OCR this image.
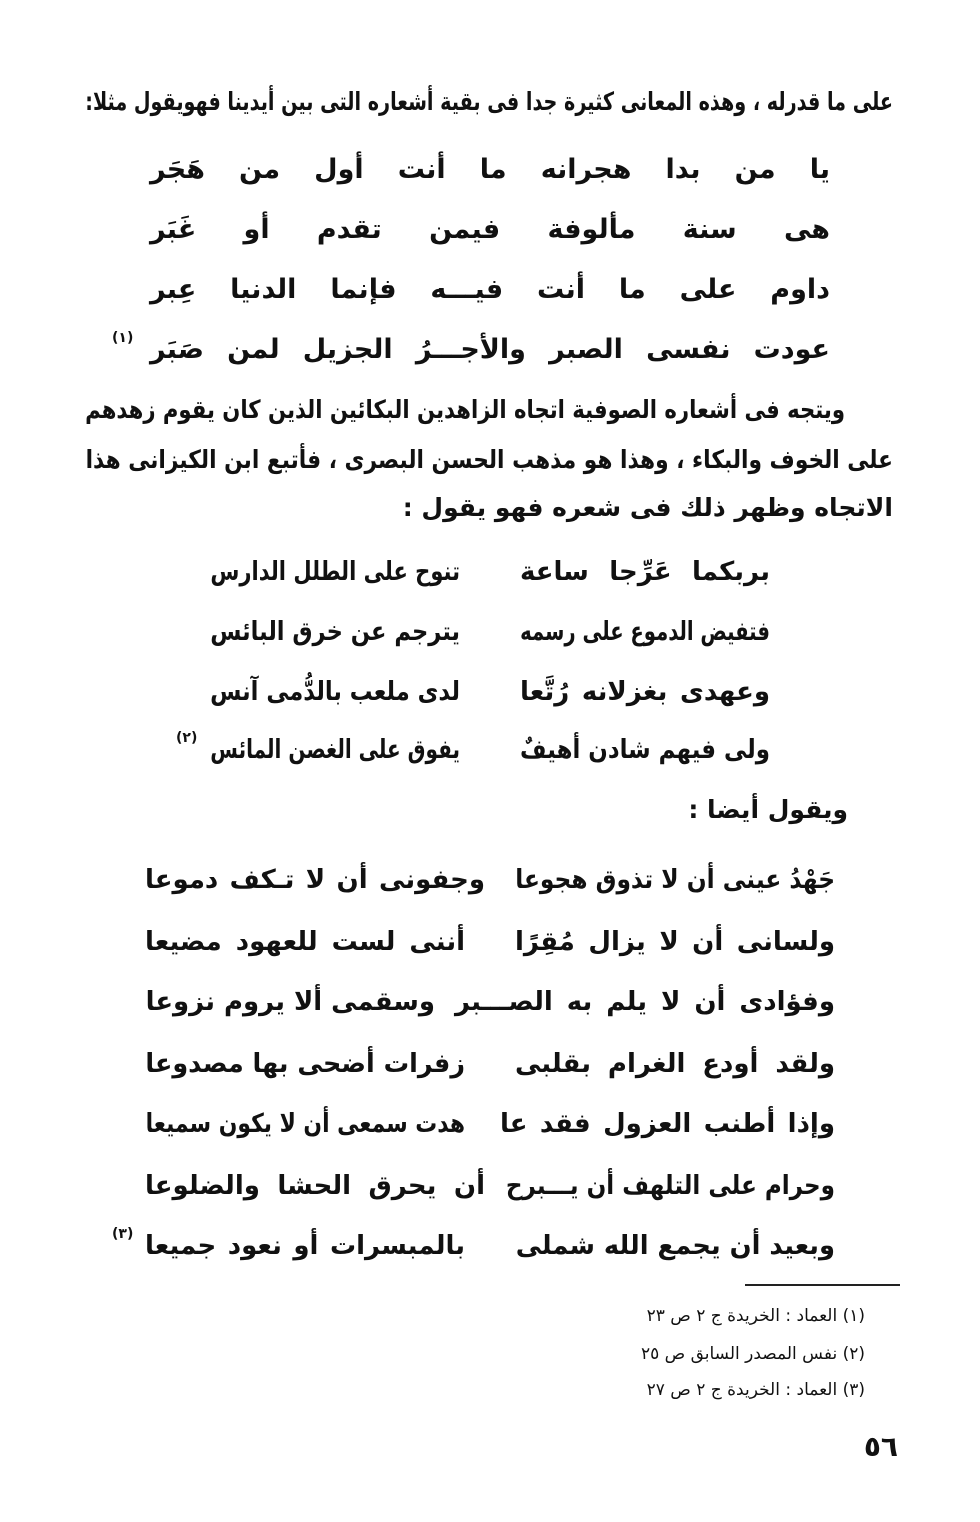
على ما قدرله ، وهذه المعانى كثيرة جدا فى بقية أشعاره التى بين أيدينا فهويقول مثلا:
يا من بدا هجرانه ما أنت أول من هَجَر
هى سنة مألوفة فيمن تقدم أو غَبَر
داوم على ما أنت فيـــه فإنما الدنيا عِبر
عودت نفسى الصبر والأجـــرُ الجزيل لمن صَبَر
(١)
ويتجه فى أشعاره الصوفية اتجاه الزاهدين البكائين الذين كان يقوم زهدهم
على الخوف والبكاء ، وهذا هو مذهب الحسن البصرى ، فأتبع ابن الكيزانى هذا
الاتجاه وظهر ذلك فى شعره فهو يقول :
بربكما عَرِّجا ساعة
تنوح على الطلل الدارس
فتفيض الدموع على رسمه
يترجم عن خرق البائس
وعهدى بغزلانه رُتَّعا
لدى ملعب بالدُّمى آنس
ولى فيهم شادن أهيفٌ
يفوق على الغصن المائس
(٢)
ويقول أيضا :
جَهْدُ عينى أن لا تذوق هجوعا
وجفونى أن لا تـكف دموعا
ولسانى أن لا يزال مُقِرًا
أننى لست للعهود مضيعا
وفؤادى أن لا يلم به الصـــبر
وسقمى ألا يروم نزوعا
ولقد أودع الغرام بقلبى
زفرات أضحى بها مصدوعا
وإذا أطنب العزول فقد عا
هدت سمعى أن لا يكون سميعا
وحرام على التلهف أن يـــبرح
أن يحرق الحشا والضلوعا
وبعيد أن يجمع الله شملى
بالمبسرات أو نعود جميعا
(٣)
(١) العماد : الخريدة ج ٢ ص ٢٣
(٢) نفس المصدر السابق ص ٢٥
(٣) العماد : الخريدة ج ٢ ص ٢٧
٥٦
